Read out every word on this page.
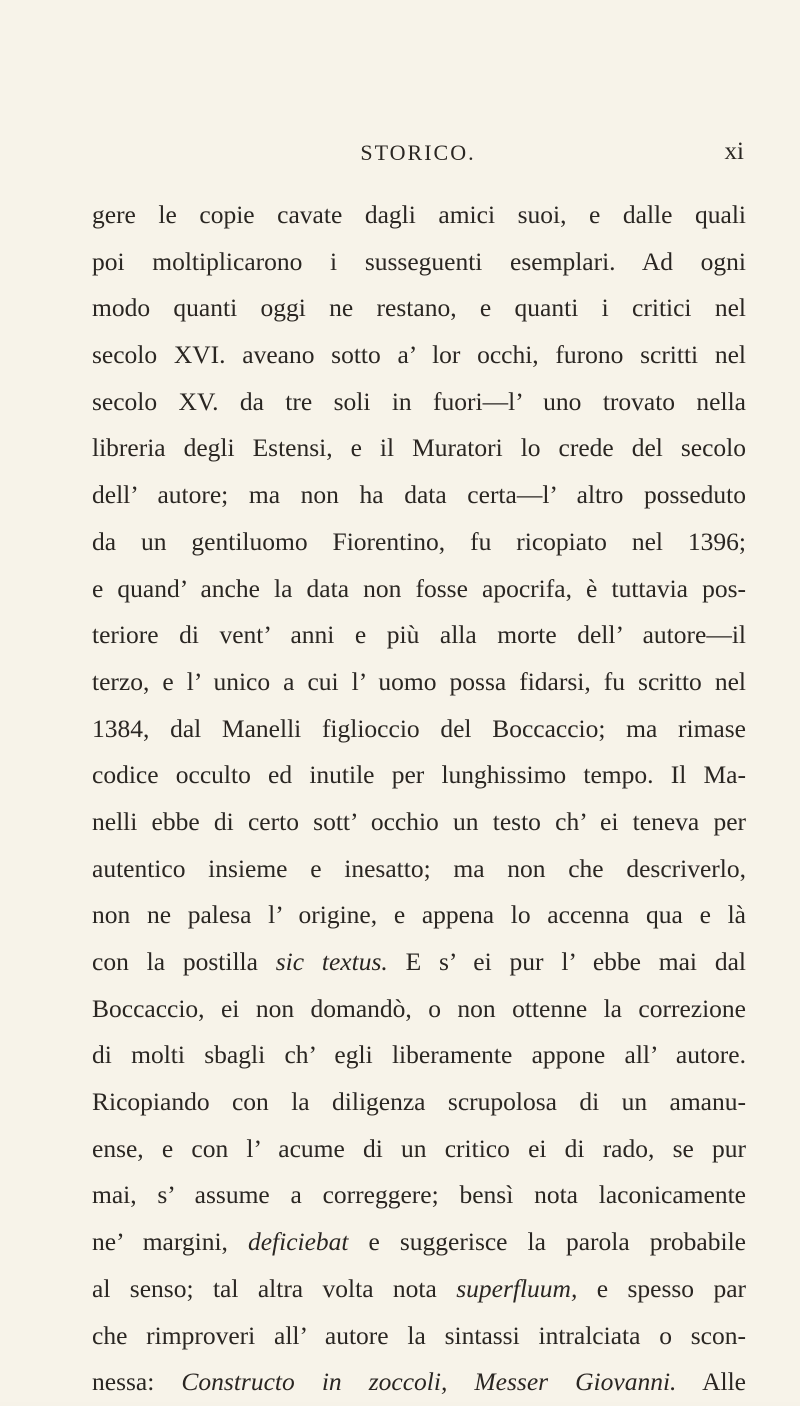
STORICO.	xi
gere le copie cavate dagli amici suoi, e dalle quali
poi moltiplicarono i susseguenti esemplari. Ad ogni
modo quanti oggi ne restano, e quanti i critici nel
secolo XVI. aveano sotto a’ lor occhi, furono scritti nel
secolo XV. da tre soli in fuori—l’ uno trovato nella
libreria degli Estensi, e il Muratori lo crede del secolo
dell’ autore; ma non ha data certa—l’ altro posseduto
da un gentiluomo Fiorentino, fu ricopiato nel 1396;
e quand’ anche la data non fosse apocrifa, è tuttavia pos-
teriore di vent’ anni e più alla morte dell’ autore—il
terzo, e l’ unico a cui l’ uomo possa fidarsi, fu scritto nel
1384, dal Manelli figlioccio del Boccaccio; ma rimase
codice occulto ed inutile per lunghissimo tempo. Il Ma-
nelli ebbe di certo sott’ occhio un testo ch’ ei teneva per
autentico insieme e inesatto; ma non che descriverlo,
non ne palesa l’ origine, e appena lo accenna qua e là
con la postilla sic textus. E s’ ei pur l’ ebbe mai dal
Boccaccio, ei non domandò, o non ottenne la correzione
di molti sbagli ch’ egli liberamente appone all’ autore.
Ricopiando con la diligenza scrupolosa di un amanu-
ense, e con l’ acume di un critico ei di rado, se pur
mai, s’ assume a correggere; bensì nota laconicamente
ne’ margini, deficiebat e suggerisce la parola probabile
al senso; tal altra volta nota superfluum, e spesso par
che rimproveri all’ autore la sintassi intralciata o scon-
nessa: Constructo in zoccoli, Messer Giovanni. Alle
